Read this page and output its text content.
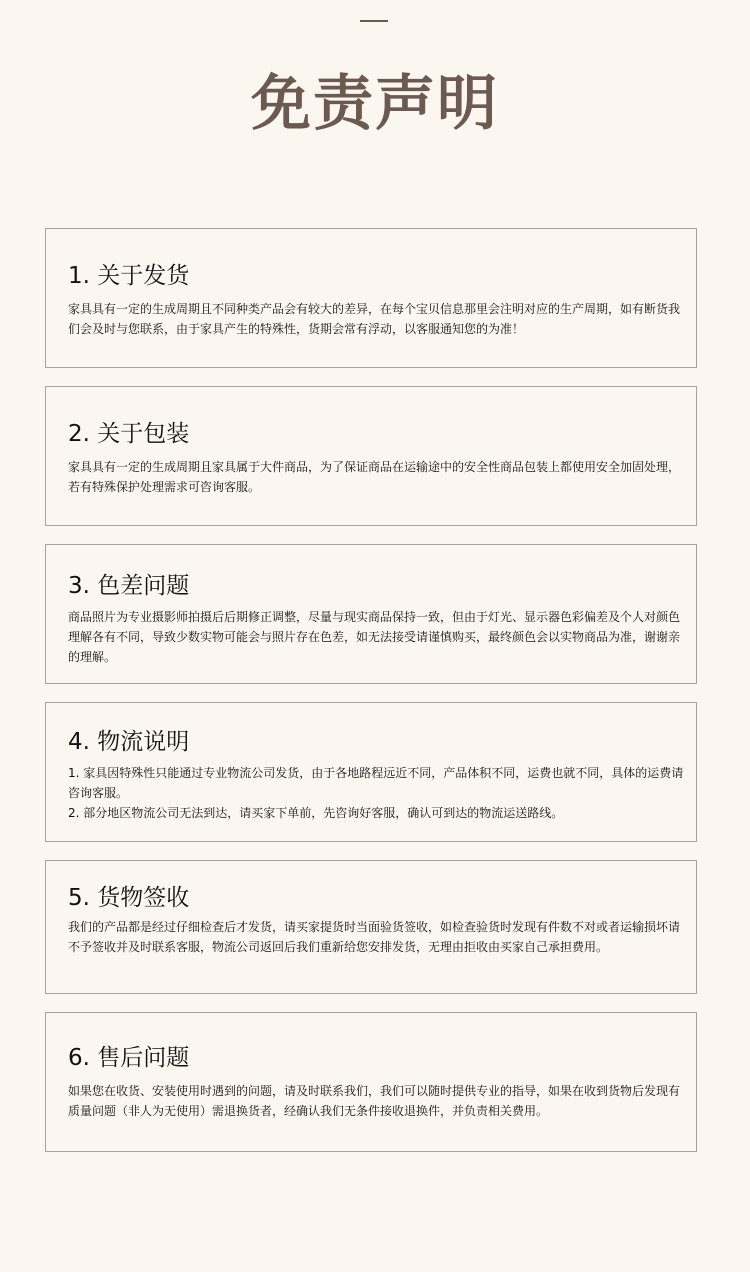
免责声明
1. 关于发货

家具具有一定的生成周期且不同种类产品会有较大的差异，在每个宝贝信息那里会注明对应的生产周期，如有断货我们会及时与您联系，由于家具产生的特殊性，货期会常有浮动，以客服通知您的为准！

2. 关于包装

家具具有一定的生成周期且家具属于大件商品，为了保证商品在运输途中的安全性商品包装上都使用安全加固处理，若有特殊保护处理需求可咨询客服。

3. 色差问题

商品照片为专业摄影师拍摄后后期修正调整，尽量与现实商品保持一致，但由于灯光、显示器色彩偏差及个人对颜色理解各有不同，导致少数实物可能会与照片存在色差，如无法接受请谨慎购买，最终颜色会以实物商品为准，谢谢亲的理解。

4. 物流说明

1. 家具因特殊性只能通过专业物流公司发货，由于各地路程远近不同，产品体积不同，运费也就不同，具体的运费请咨询客服。

2. 部分地区物流公司无法到达，请买家下单前，先咨询好客服，确认可到达的物流运送路线。

5. 货物签收

我们的产品都是经过仔细检查后才发货，请买家提货时当面验货签收，如检查验货时发现有件数不对或者运输损坏请不予签收并及时联系客服，物流公司返回后我们重新给您安排发货，无理由拒收由买家自己承担费用。

6. 售后问题

如果您在收货、安装使用时遇到的问题，请及时联系我们，我们可以随时提供专业的指导，如果在收到货物后发现有质量问题（非人为无使用）需退换货者，经确认我们无条件接收退换件，并负责相关费用。
